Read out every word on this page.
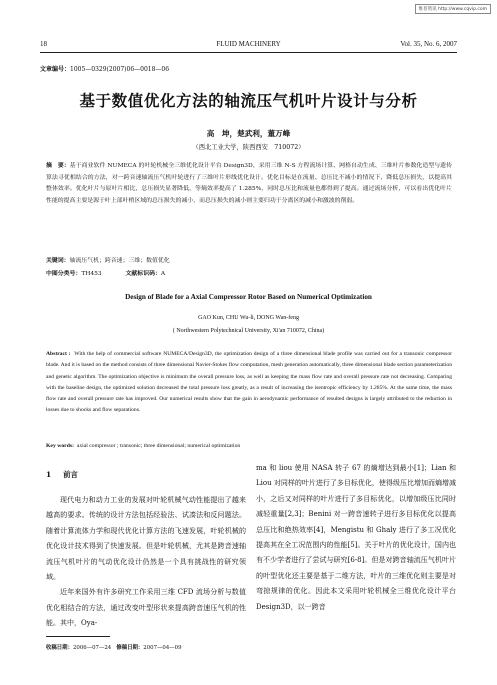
维普资讯 http://www.cqvip.com
18	FLUID MACHINERY	Vol. 35, No. 6, 2007
文章编号：1005—0329(2007)06—0018—06
基于数值优化方法的轴流压气机叶片设计与分析
高　坤，楚武利，董万峰
（西北工业大学，陕西西安　710072）
摘　要：基于商业软件 NUMECA 的叶轮机械全三维优化设计平台 Design3D，采用三维 N-S 方程流场计算、网格自动生成、三维叶片参数化造型与遗传算法寻优相结合的方法，对一跨音速轴流压气机叶轮进行了三维叶片形线优化设计。优化目标是在流量、总压比不减小的情况下，降低总压损失，以提高其整体效率。优化叶片与原叶片相比，总压损失显著降低，等熵效率提高了 1.285%，同时总压比和流量也都得到了提高。通过流场分析，可以看出优化叶片性能的提高主要是源于叶上部叶梢区域的总压损失的减小，而总压损失的减小则主要归功于分离区的减小和激波的削弱。
关键词：轴流压气机；跨音速；三维；数值优化
中图分类号：TH453	文献标识码：A
Design of Blade for a Axial Compressor Rotor Based on Numerical Optimization
GAO Kun, CHU Wu-li, DONG Wan-feng
( Northwestern Polytechnical University, Xi'an 710072, China)
Abstract : With the help of commercial software NUMECA/Design3D, the optimization design of a three dimensional blade profile was carried out for a transonic compressor blade. And it is based on the method consists of three dimensional Navier-Stokes flow computation, mesh generation automatically, three dimensional blade section parameterization and genetic algorithm. The optimization objective is minimum the overall pressure loss, as well as keeping the mass flow rate and overall pressure rate not decreasing. Comparing with the baseline design, the optimized solution decreased the total pressure loss greatly, as a result of increasing the isentropic efficiency by 1.285%. At the same time, the mass flow rate and overall pressure rate has improved. Our numerical results show that the gain in aerodynamic performance of resulted designs is largely attributed to the reduction in losses due to shocks and flow separations.
Key words: axial compressor ; transonic; three dimensional; numerical optimization
1 前言

现代电力和动力工业的发展对叶轮机械气动性能提出了越来越高的要求。传统的设计方法包括经验法、试凑法和反问题法。随着计算流体力学和现代优化计算方法的飞速发展，叶轮机械的优化设计技术得到了快速发展。但是叶轮机械，尤其是跨音速轴流压气机叶片的气动优化设计仍然是一个具有挑战性的研究领域。

近年来国外有许多研究工作采用三维 CFD 流场分析与数值优化相结合的方法，通过改变叶型形状来提高跨音速压气机的性能。其中，Oya-

ma 和 liou 使用 NASA 转子 67 的熵增达到最小[1]；Lian 和 Liou 对同样的叶片进行了多目标优化，使得级压比增加而熵增减小，之后又对同样的叶片进行了多目标优化，以增加级压比同时减轻重量[2,3]；Benini 对一跨音速转子进行多目标优化以提高总压比和绝热效率[4]，Mengistu 和 Ghaly 进行了多工况优化提高其在全工况范围内的性能[5]。关于叶片的优化设计，国内也有不少学者进行了尝试与研究[6-8]。但是对跨音轴流压气机叶片的叶型优化还主要是基于二维方法，叶片的三维优化则主要是对弯掠规律的优化。因此本文采用叶轮机械全三维优化设计平台 Design3D，以一跨音

收稿日期：2006—07—24 修稿日期：2007—04—09
